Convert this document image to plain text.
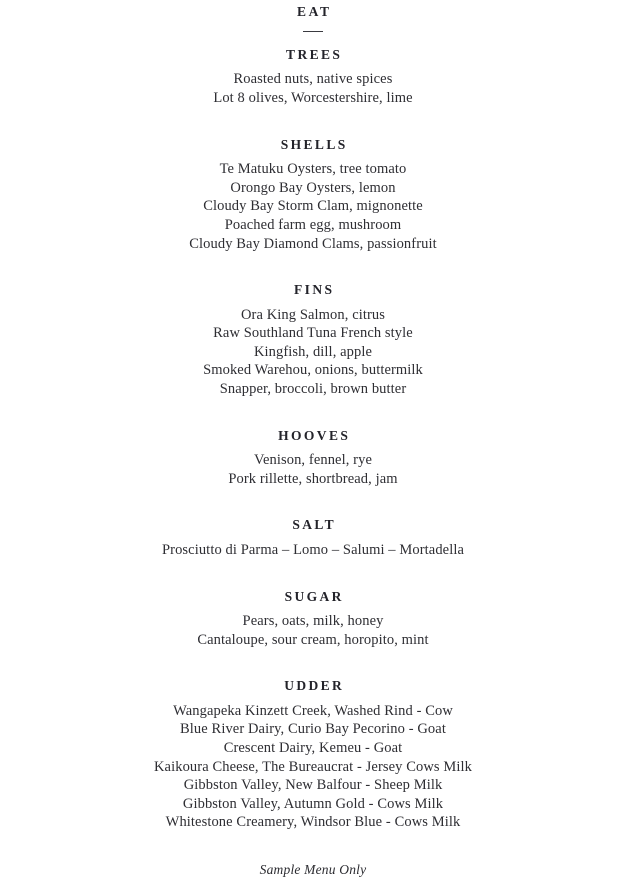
EAT
TREES
Roasted nuts, native spices
Lot 8 olives, Worcestershire, lime
SHELLS
Te Matuku Oysters, tree tomato
Orongo Bay Oysters, lemon
Cloudy Bay Storm Clam, mignonette
Poached farm egg, mushroom
Cloudy Bay Diamond Clams, passionfruit
FINS
Ora King Salmon, citrus
Raw Southland Tuna French style
Kingfish, dill, apple
Smoked Warehou, onions, buttermilk
Snapper, broccoli, brown butter
HOOVES
Venison, fennel, rye
Pork rillette, shortbread, jam
SALT
Prosciutto di Parma – Lomo – Salumi – Mortadella
SUGAR
Pears, oats, milk, honey
Cantaloupe, sour cream, horopito, mint
UDDER
Wangapeka Kinzett Creek, Washed Rind - Cow
Blue River Dairy, Curio Bay Pecorino - Goat
Crescent Dairy, Kemeu - Goat
Kaikoura Cheese, The Bureaucrat - Jersey Cows Milk
Gibbston Valley, New Balfour - Sheep Milk
Gibbston Valley, Autumn Gold - Cows Milk
Whitestone Creamery, Windsor Blue - Cows Milk
Sample Menu Only
